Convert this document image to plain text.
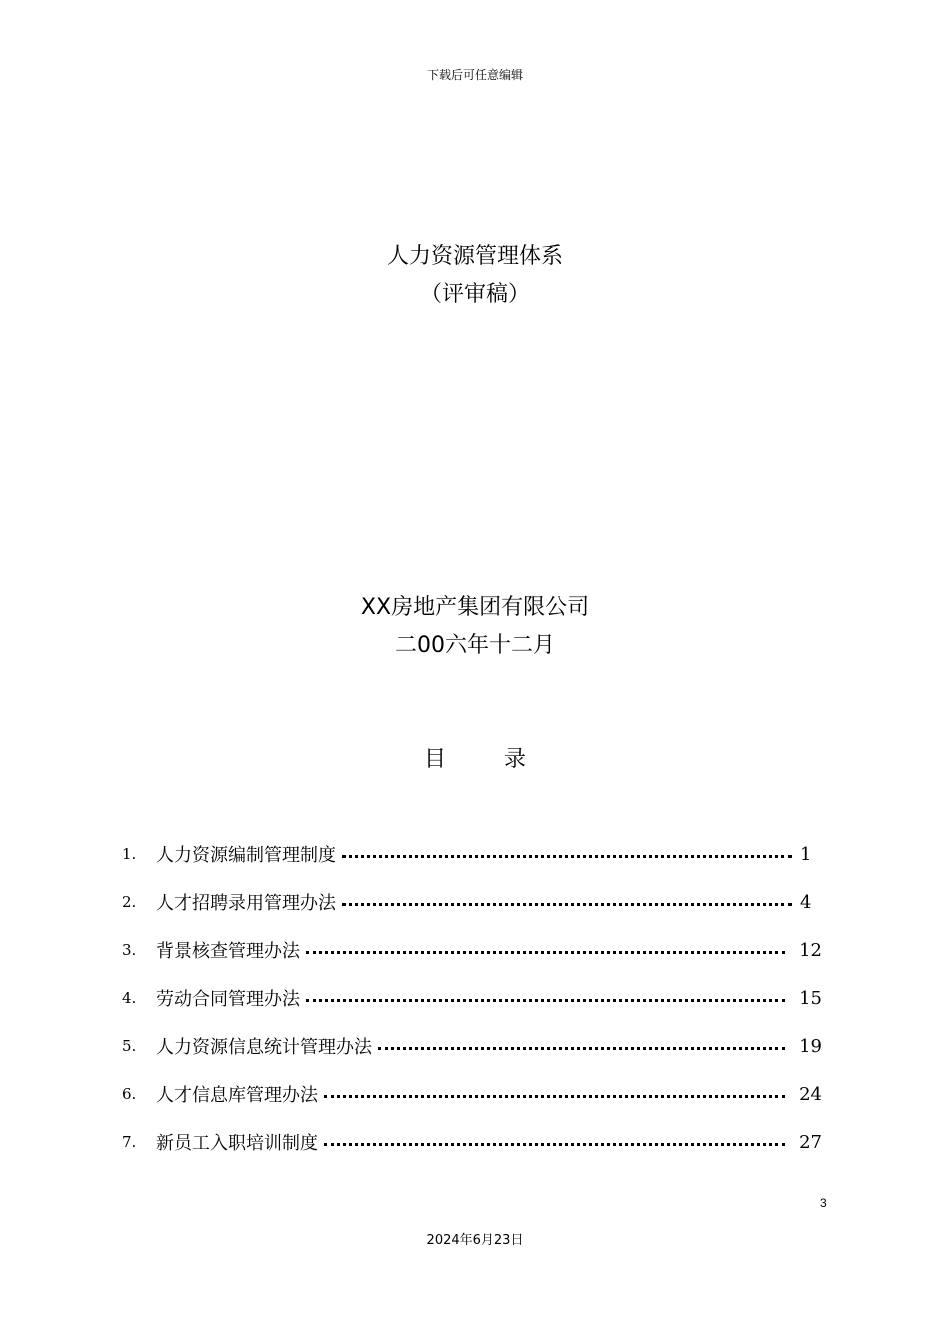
下载后可任意编辑
人力资源管理体系
（评审稿）
XX房地产集团有限公司
二00六年十二月
目	录
1.	人力资源编制管理制度	1
2.	人才招聘录用管理办法	4
3.	背景核查管理办法	12
4.	劳动合同管理办法	15
5.	人力资源信息统计管理办法	19
6.	人才信息库管理办法	24
7.	新员工入职培训制度	27
3
2024年6月23日
